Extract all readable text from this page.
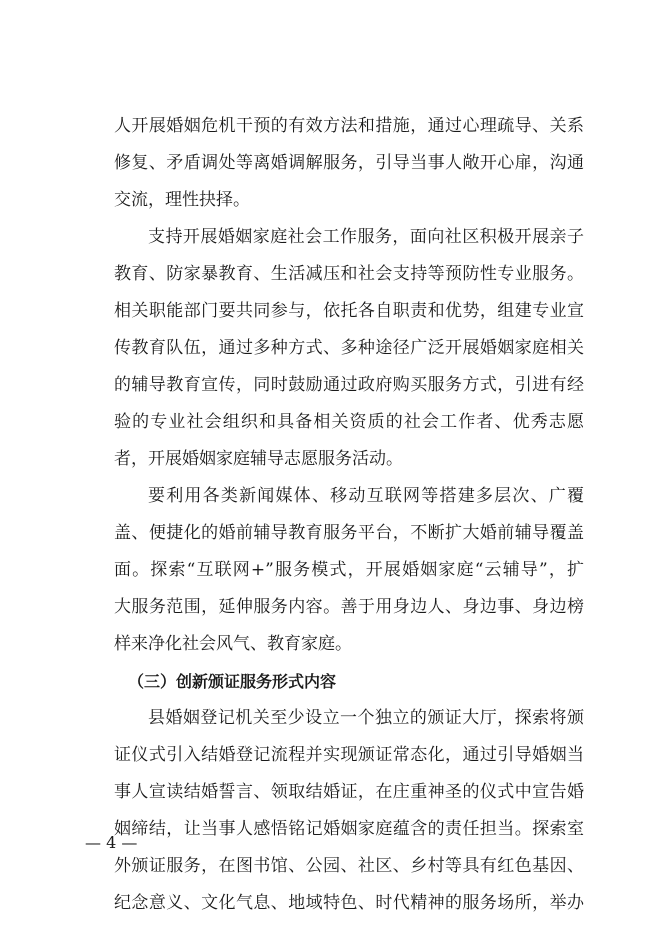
人开展婚姻危机干预的有效方法和措施，通过心理疏导、关系
修复、矛盾调处等离婚调解服务，引导当事人敞开心扉，沟通
交流，理性抉择。
支持开展婚姻家庭社会工作服务，面向社区积极开展亲子
教育、防家暴教育、生活减压和社会支持等预防性专业服务。
相关职能部门要共同参与，依托各自职责和优势，组建专业宣
传教育队伍，通过多种方式、多种途径广泛开展婚姻家庭相关
的辅导教育宣传，同时鼓励通过政府购买服务方式，引进有经
验的专业社会组织和具备相关资质的社会工作者、优秀志愿
者，开展婚姻家庭辅导志愿服务活动。
要利用各类新闻媒体、移动互联网等搭建多层次、广覆
盖、便捷化的婚前辅导教育服务平台，不断扩大婚前辅导覆盖
面。探索“互联网+”服务模式，开展婚姻家庭“云辅导”，扩
大服务范围，延伸服务内容。善于用身边人、身边事、身边榜
样来净化社会风气、教育家庭。
（三）创新颁证服务形式内容
县婚姻登记机关至少设立一个独立的颁证大厅，探索将颁
证仪式引入结婚登记流程并实现颁证常态化，通过引导婚姻当
事人宣读结婚誓言、领取结婚证，在庄重神圣的仪式中宣告婚
姻缔结，让当事人感悟铭记婚姻家庭蕴含的责任担当。探索室
外颁证服务，在图书馆、公园、社区、乡村等具有红色基因、
纪念意义、文化气息、地域特色、时代精神的服务场所，举办
— 4 —
